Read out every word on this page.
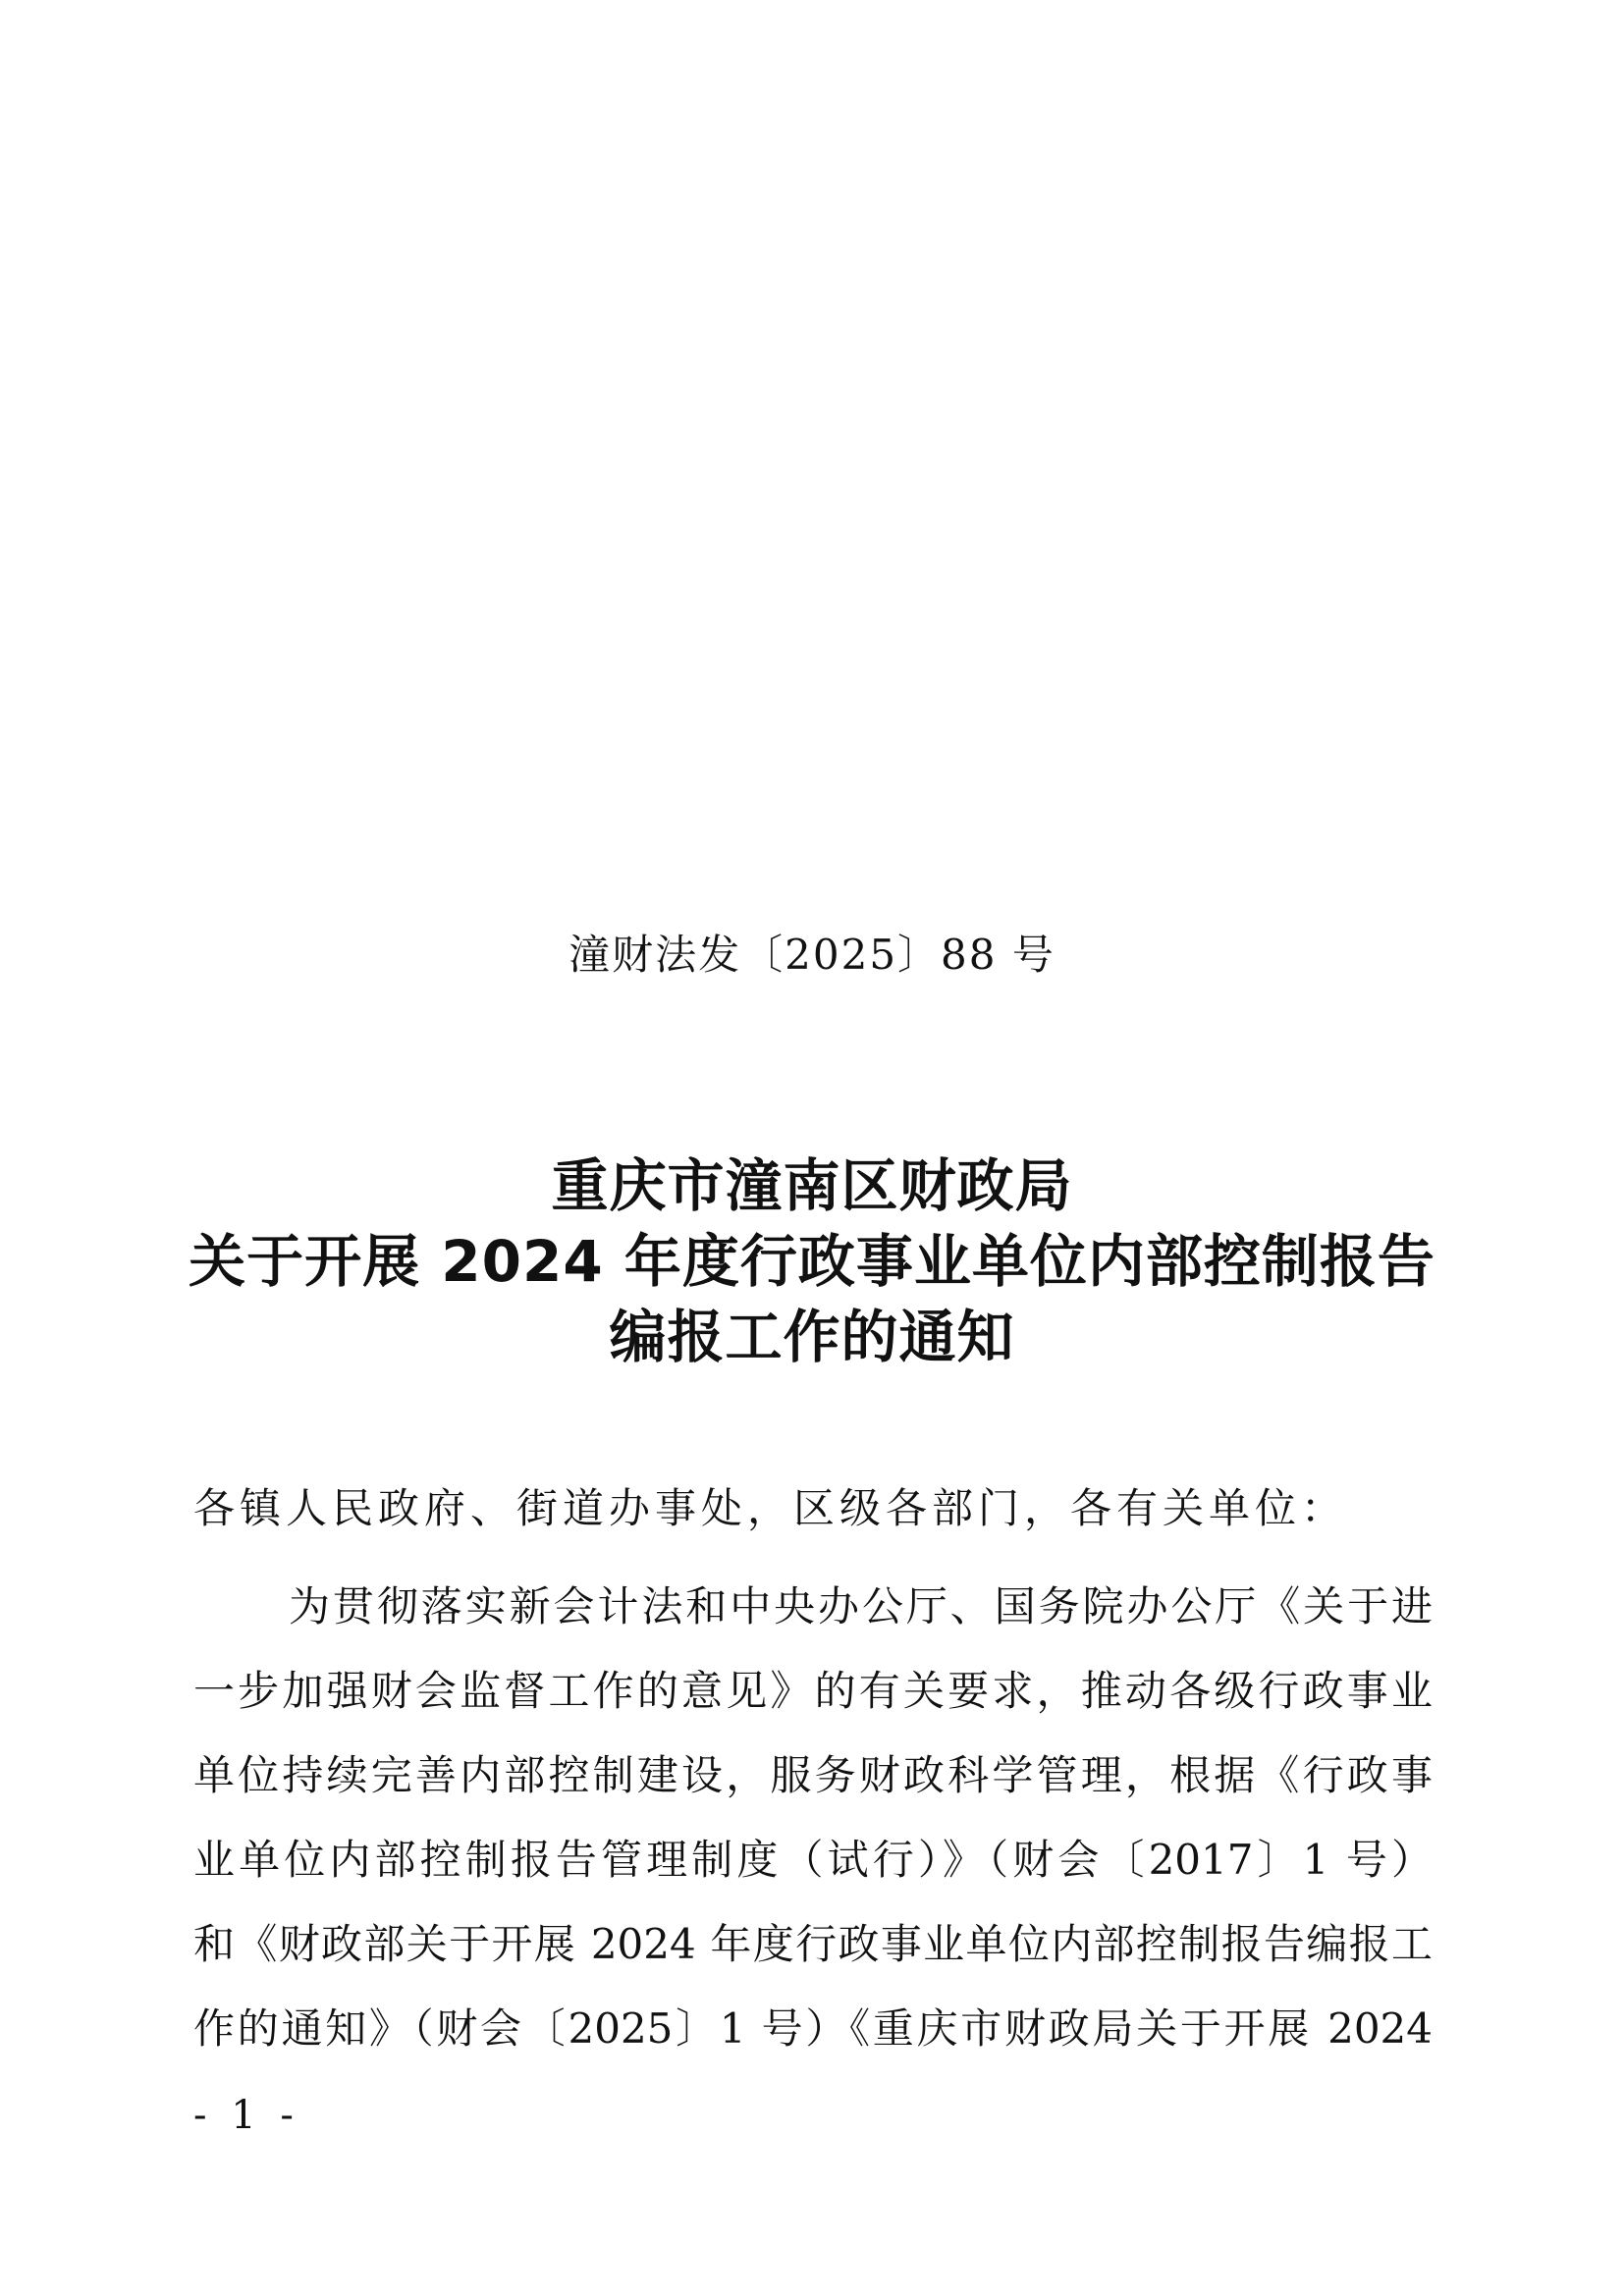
潼财法发〔2025〕88 号
重庆市潼南区财政局
关于开展 2024 年度行政事业单位内部控制报告
编报工作的通知
各镇人民政府、街道办事处，区级各部门，各有关单位：
为贯彻落实新会计法和中央办公厅、国务院办公厅《关于进
一步加强财会监督工作的意见》的有关要求，推动各级行政事业
单位持续完善内部控制建设，服务财政科学管理，根据《行政事
业单位内部控制报告管理制度（试行）》（财会〔2017〕1 号）
和《财政部关于开展 2024 年度行政事业单位内部控制报告编报工
作的通知》（财会〔2025〕1 号）《重庆市财政局关于开展 2024
- 1 -
